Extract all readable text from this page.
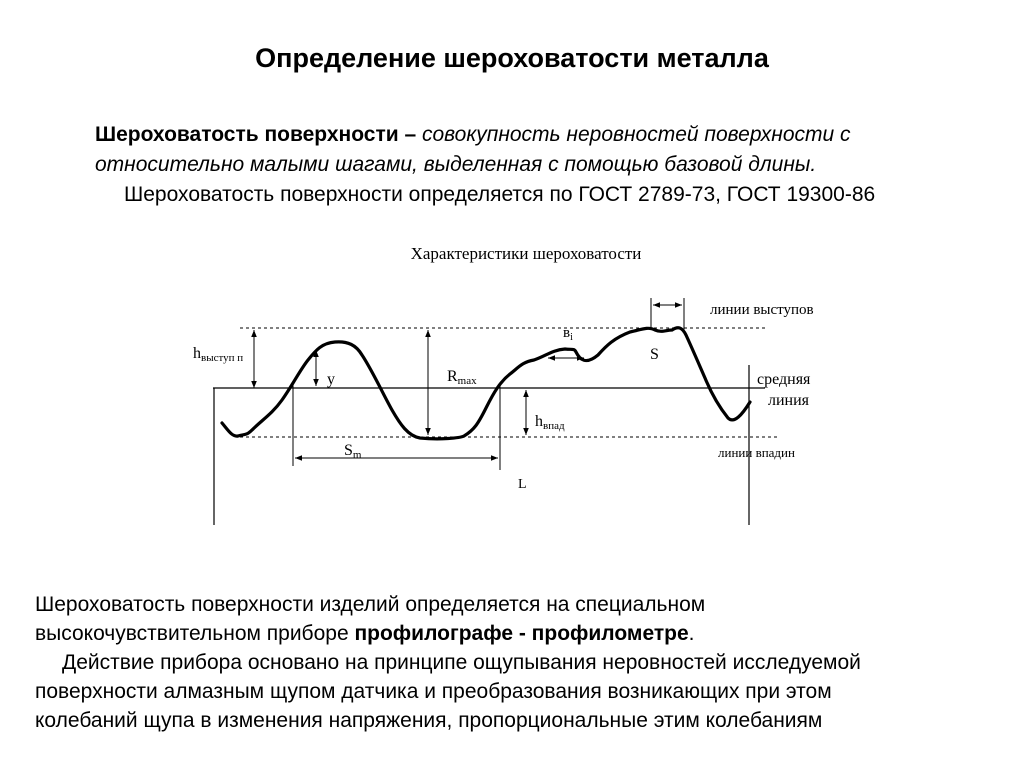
Определение шероховатости металла
Шероховатость поверхности – совокупность неровностей поверхности с
относительно малыми шагами, выделенная с помощью базовой длины.
Шероховатость поверхности определяется по ГОСТ 2789-73, ГОСТ 19300-86
Характеристики шероховатости
линии выступов
средняя
линия
линии впадин
hвыступ п
y	Rmax
hвпад
Sm
$в_i$
S
L
Шероховатость поверхности изделий определяется на специальном
высокочувствительном приборе профилографе - профилометре.
Действие прибора основано на принципе ощупывания неровностей исследуемой
поверхности алмазным щупом датчика и преобразования возникающих при этом
колебаний щупа в изменения напряжения, пропорциональные этим колебаниям
